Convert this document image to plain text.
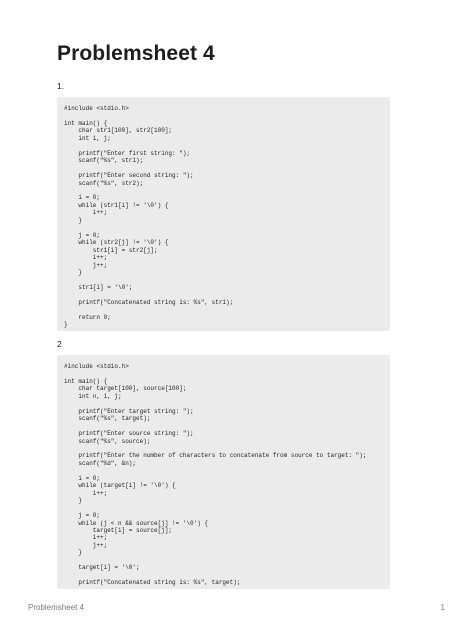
Problemsheet 4
1.
#include <stdio.h>

int main() {
char str1[100], str2[100];
int i, j;

printf("Enter first string: ");
scanf("%s", str1);

printf("Enter second string: ");
scanf("%s", str2);

i = 0;
while (str1[i] != '\0') {
i++;
}

j = 0;
while (str2[j] != '\0') {
str1[i] = str2[j];
i++;
j++;
}

str1[i] = '\0';

printf("Concatenated string is: %s", str1);

return 0;
}
2
#include <stdio.h>

int main() {
char target[100], source[100];
int n, i, j;

printf("Enter target string: ");
scanf("%s", target);

printf("Enter source string: ");
scanf("%s", source);

printf("Enter the number of characters to concatenate from source to target: ");
scanf("%d", &n);

i = 0;
while (target[i] != '\0') {
i++;
}

j = 0;
while (j < n && source[j] != '\0') {
target[i] = source[j];
i++;
j++;
}

target[i] = '\0';

printf("Concatenated string is: %s", target);
Problemsheet 4	1
